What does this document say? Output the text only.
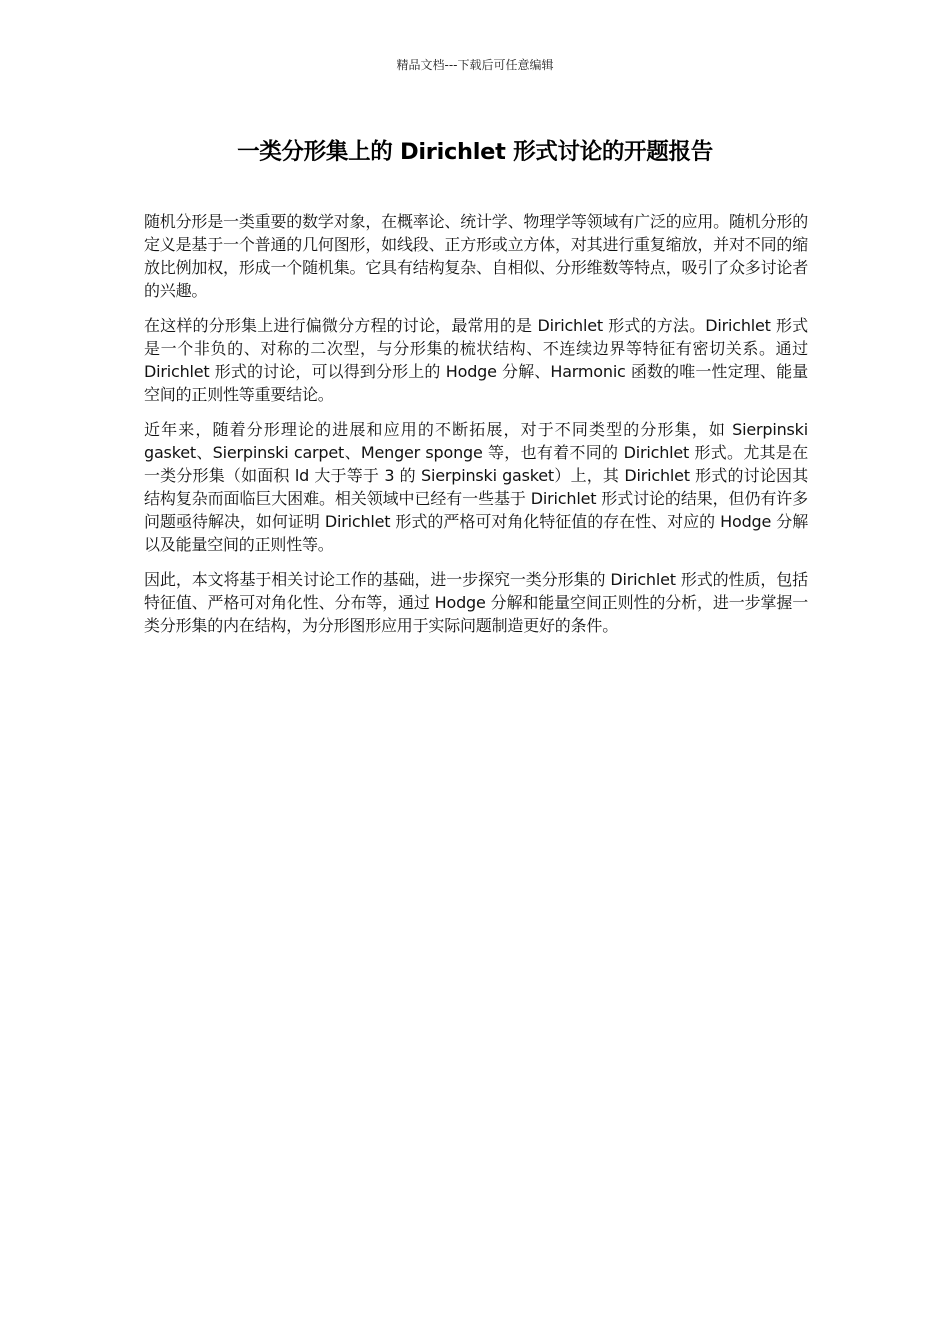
精品文档---下载后可任意编辑
一类分形集上的 Dirichlet 形式讨论的开题报告

随机分形是一类重要的数学对象，在概率论、统计学、物理学等领域有广泛的应用。随机分形的定义是基于一个普通的几何图形，如线段、正方形或立方体，对其进行重复缩放，并对不同的缩放比例加权，形成一个随机集。它具有结构复杂、自相似、分形维数等特点，吸引了众多讨论者的兴趣。

在这样的分形集上进行偏微分方程的讨论，最常用的是 Dirichlet 形式的方法。Dirichlet 形式是一个非负的、对称的二次型，与分形集的梳状结构、不连续边界等特征有密切关系。通过 Dirichlet 形式的讨论，可以得到分形上的 Hodge 分解、Harmonic 函数的唯一性定理、能量空间的正则性等重要结论。

近年来，随着分形理论的进展和应用的不断拓展，对于不同类型的分形集，如 Sierpinski gasket、Sierpinski carpet、Menger sponge 等，也有着不同的 Dirichlet 形式。尤其是在一类分形集（如面积 ld 大于等于 3 的 Sierpinski gasket）上，其 Dirichlet 形式的讨论因其结构复杂而面临巨大困难。相关领域中已经有一些基于 Dirichlet 形式讨论的结果，但仍有许多问题亟待解决，如何证明 Dirichlet 形式的严格可对角化特征值的存在性、对应的 Hodge 分解以及能量空间的正则性等。

因此，本文将基于相关讨论工作的基础，进一步探究一类分形集的 Dirichlet 形式的性质，包括特征值、严格可对角化性、分布等，通过 Hodge 分解和能量空间正则性的分析，进一步掌握一类分形集的内在结构，为分形图形应用于实际问题制造更好的条件。
